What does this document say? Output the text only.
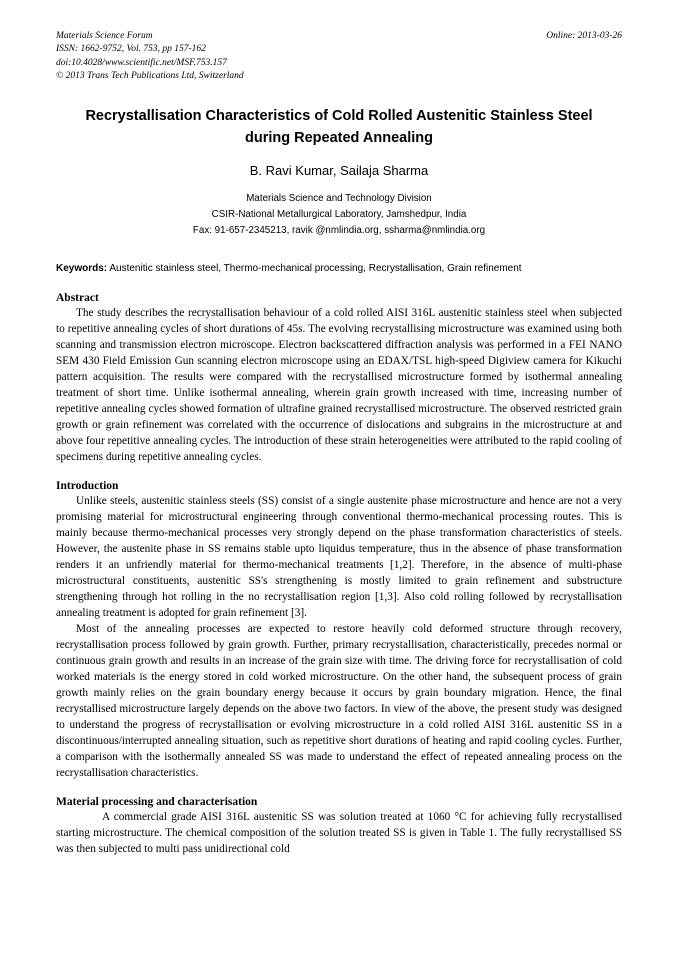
Materials Science Forum
ISSN: 1662-9752, Vol. 753, pp 157-162
doi:10.4028/www.scientific.net/MSF.753.157
© 2013 Trans Tech Publications Ltd, Switzerland
Online: 2013-03-26
Recrystallisation Characteristics of Cold Rolled Austenitic Stainless Steel during Repeated Annealing
B. Ravi Kumar, Sailaja Sharma
Materials Science and Technology Division
CSIR-National Metallurgical Laboratory, Jamshedpur, India
Fax: 91-657-2345213, ravik @nmlindia.org, ssharma@nmlindia.org
Keywords: Austenitic stainless steel, Thermo-mechanical processing, Recrystallisation, Grain refinement
Abstract

The study describes the recrystallisation behaviour of a cold rolled AISI 316L austenitic stainless steel when subjected to repetitive annealing cycles of short durations of 45s. The evolving recrystallising microstructure was examined using both scanning and transmission electron microscope. Electron backscattered diffraction analysis was performed in a FEI NANO SEM 430 Field Emission Gun scanning electron microscope using an EDAX/TSL high-speed Digiview camera for Kikuchi pattern acquisition. The results were compared with the recrystallised microstructure formed by isothermal annealing treatment of short time. Unlike isothermal annealing, wherein grain growth increased with time, increasing number of repetitive annealing cycles showed formation of ultrafine grained recrystallised microstructure. The observed restricted grain growth or grain refinement was correlated with the occurrence of dislocations and subgrains in the microstructure at and above four repetitive annealing cycles. The introduction of these strain heterogeneities were attributed to the rapid cooling of specimens during repetitive annealing cycles.

Introduction

Unlike steels, austenitic stainless steels (SS) consist of a single austenite phase microstructure and hence are not a very promising material for microstructural engineering through conventional thermo-mechanical processing routes. This is mainly because thermo-mechanical processes very strongly depend on the phase transformation characteristics of steels. However, the austenite phase in SS remains stable upto liquidus temperature, thus in the absence of phase transformation renders it an unfriendly material for thermo-mechanical treatments [1,2]. Therefore, in the absence of multi-phase microstructural constituents, austenitic SS's strengthening is mostly limited to grain refinement and substructure strengthening through hot rolling in the no recrystallisation region [1,3]. Also cold rolling followed by recrystallisation annealing treatment is adopted for grain refinement [3].

Most of the annealing processes are expected to restore heavily cold deformed structure through recovery, recrystallisation process followed by grain growth. Further, primary recrystallisation, characteristically, precedes normal or continuous grain growth and results in an increase of the grain size with time. The driving force for recrystallisation of cold worked materials is the energy stored in cold worked microstructure. On the other hand, the subsequent process of grain growth mainly relies on the grain boundary energy because it occurs by grain boundary migration. Hence, the final recrystallised microstructure largely depends on the above two factors. In view of the above, the present study was designed to understand the progress of recrystallisation or evolving microstructure in a cold rolled AISI 316L austenitic SS in a discontinuous/interrupted annealing situation, such as repetitive short durations of heating and rapid cooling cycles. Further, a comparison with the isothermally annealed SS was made to understand the effect of repeated annealing process on the recrystallisation characteristics.

Material processing and characterisation

A commercial grade AISI 316L austenitic SS was solution treated at 1060 °C for achieving fully recrystallised starting microstructure. The chemical composition of the solution treated SS is given in Table 1. The fully recrystallised SS was then subjected to multi pass unidirectional cold
